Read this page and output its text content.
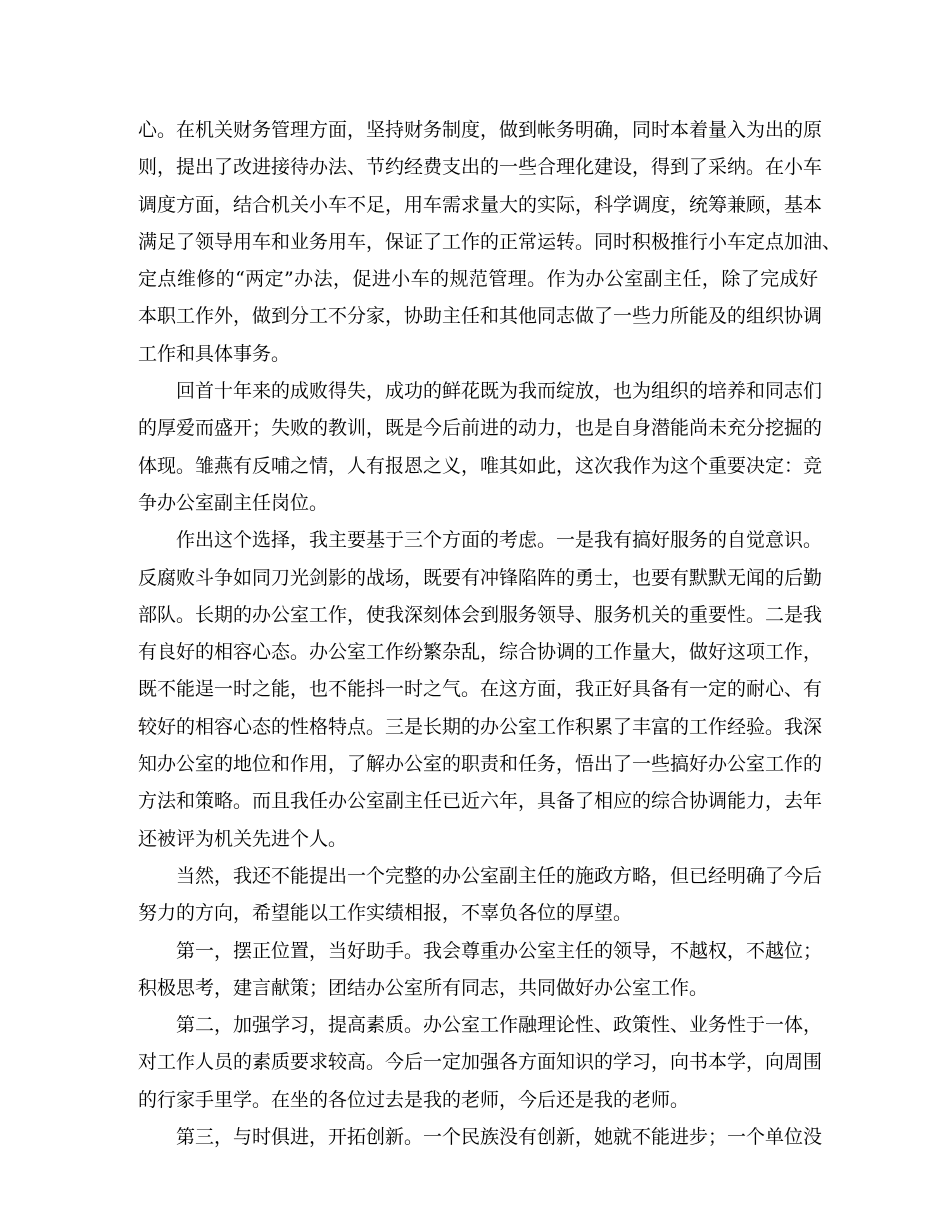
心。在机关财务管理方面，坚持财务制度，做到帐务明确，同时本着量入为出的原
则，提出了改进接待办法、节约经费支出的一些合理化建设，得到了采纳。在小车
调度方面，结合机关小车不足，用车需求量大的实际，科学调度，统筹兼顾，基本
满足了领导用车和业务用车，保证了工作的正常运转。同时积极推行小车定点加油、
定点维修的“两定”办法，促进小车的规范管理。作为办公室副主任，除了完成好
本职工作外，做到分工不分家，协助主任和其他同志做了一些力所能及的组织协调
工作和具体事务。
回首十年来的成败得失，成功的鲜花既为我而绽放，也为组织的培养和同志们
的厚爱而盛开；失败的教训，既是今后前进的动力，也是自身潜能尚未充分挖掘的
体现。雏燕有反哺之情，人有报恩之义，唯其如此，这次我作为这个重要决定：竞
争办公室副主任岗位。
作出这个选择，我主要基于三个方面的考虑。一是我有搞好服务的自觉意识。
反腐败斗争如同刀光剑影的战场，既要有冲锋陷阵的勇士，也要有默默无闻的后勤
部队。长期的办公室工作，使我深刻体会到服务领导、服务机关的重要性。二是我
有良好的相容心态。办公室工作纷繁杂乱，综合协调的工作量大，做好这项工作，
既不能逞一时之能，也不能抖一时之气。在这方面，我正好具备有一定的耐心、有
较好的相容心态的性格特点。三是长期的办公室工作积累了丰富的工作经验。我深
知办公室的地位和作用，了解办公室的职责和任务，悟出了一些搞好办公室工作的
方法和策略。而且我任办公室副主任已近六年，具备了相应的综合协调能力，去年
还被评为机关先进个人。
当然，我还不能提出一个完整的办公室副主任的施政方略，但已经明确了今后
努力的方向，希望能以工作实绩相报，不辜负各位的厚望。
第一，摆正位置，当好助手。我会尊重办公室主任的领导，不越权，不越位；
积极思考，建言献策；团结办公室所有同志，共同做好办公室工作。
第二，加强学习，提高素质。办公室工作融理论性、政策性、业务性于一体，
对工作人员的素质要求较高。今后一定加强各方面知识的学习，向书本学，向周围
的行家手里学。在坐的各位过去是我的老师，今后还是我的老师。
第三，与时俱进，开拓创新。一个民族没有创新，她就不能进步；一个单位没
